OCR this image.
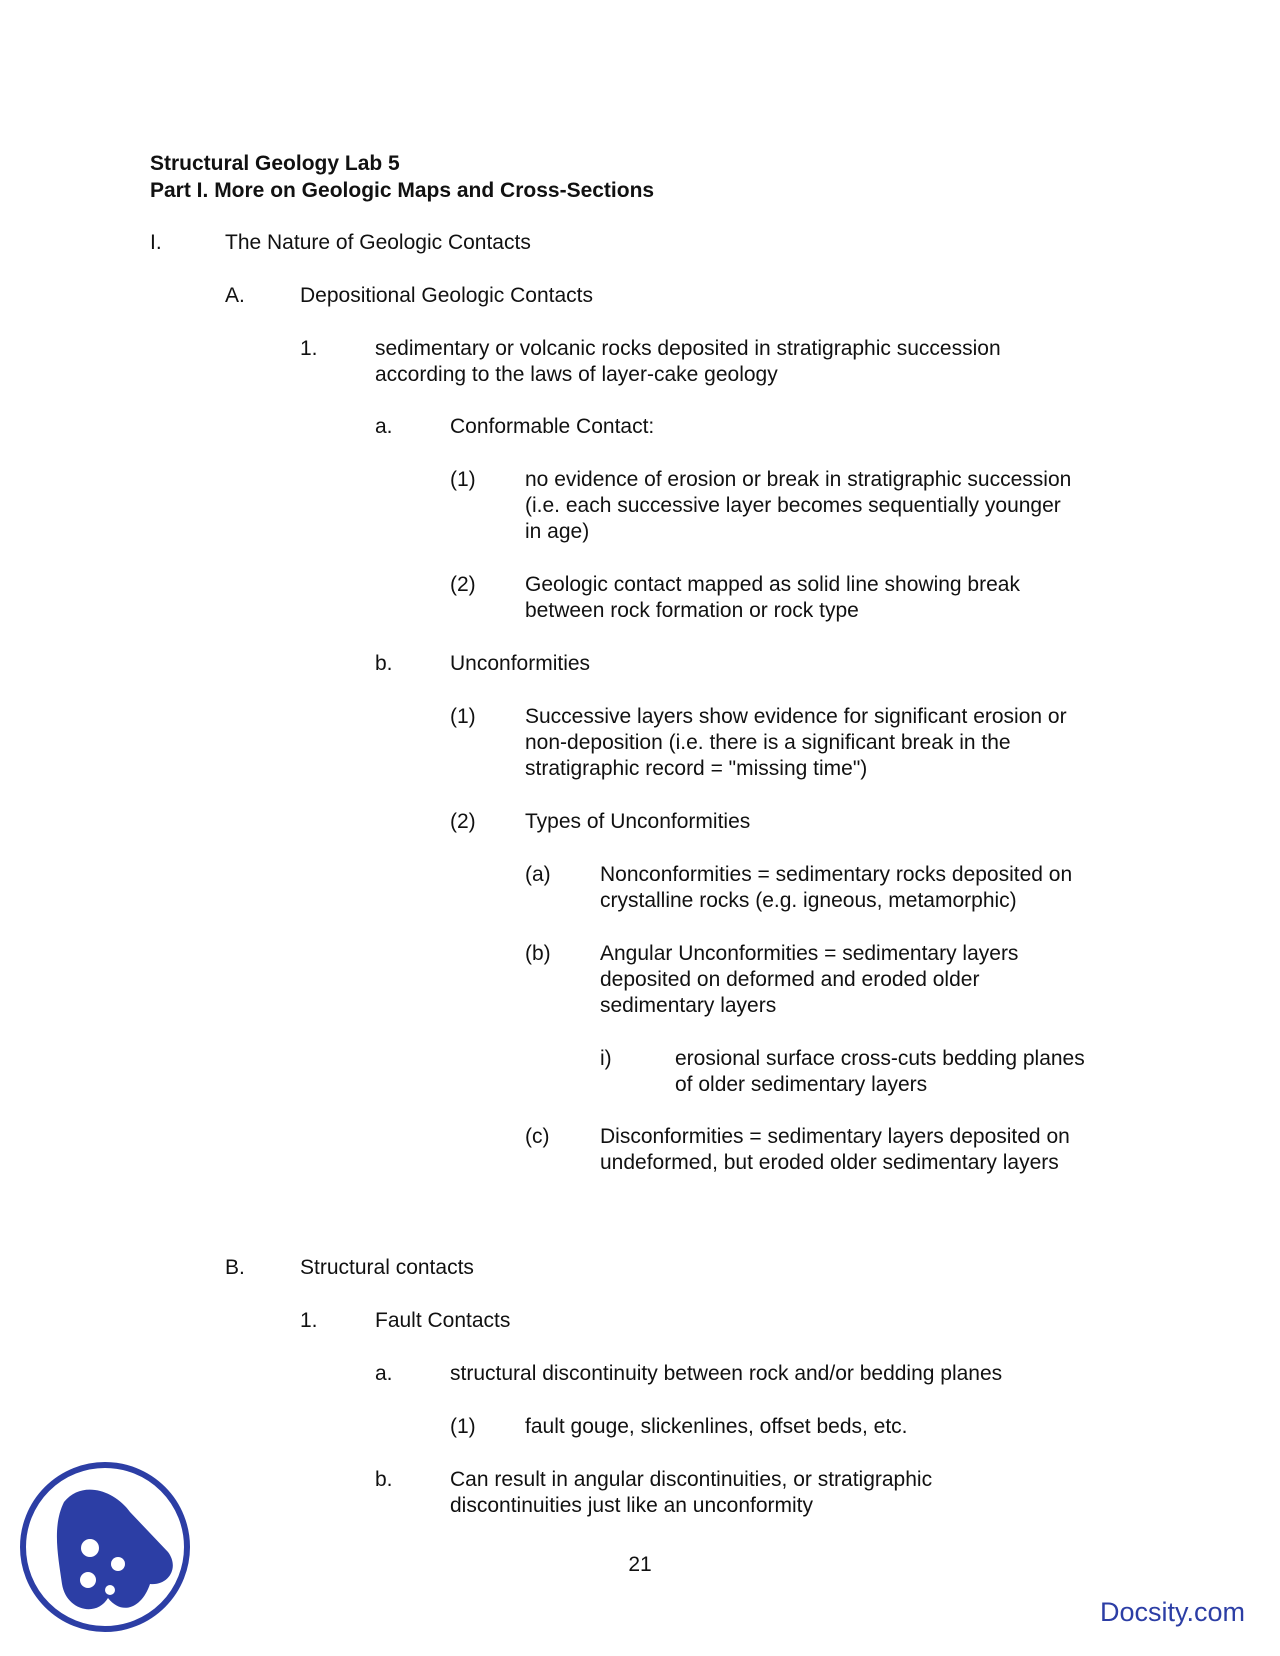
Structural Geology Lab 5
Part I. More on Geologic Maps and Cross-Sections
I.	The Nature of Geologic Contacts
A.	Depositional Geologic Contacts
1.	sedimentary or volcanic rocks deposited in stratigraphic succession
according to the laws of layer-cake geology
a.	Conformable Contact:
(1) no evidence of erosion or break in stratigraphic succession
(i.e. each successive layer becomes sequentially younger
in age)
(2) Geologic contact mapped as solid line showing break
between rock formation or rock type
b.	Unconformities
(1) Successive layers show evidence for significant erosion or
non-deposition (i.e. there is a significant break in the
stratigraphic record = "missing time")
(2) Types of Unconformities
(a) Nonconformities = sedimentary rocks deposited on
crystalline rocks (e.g. igneous, metamorphic)
(b) Angular Unconformities = sedimentary layers
deposited on deformed and eroded older
sedimentary layers
i)	erosional surface cross-cuts bedding planes
of older sedimentary layers
(c) Disconformities = sedimentary layers deposited on
undeformed, but eroded older sedimentary layers
B.	Structural contacts
1.	Fault Contacts
a.	structural discontinuity between rock and/or bedding planes
(1) fault gouge, slickenlines, offset beds, etc.
b.	Can result in angular discontinuities, or stratigraphic
discontinuities just like an unconformity
21
Docsity.com
